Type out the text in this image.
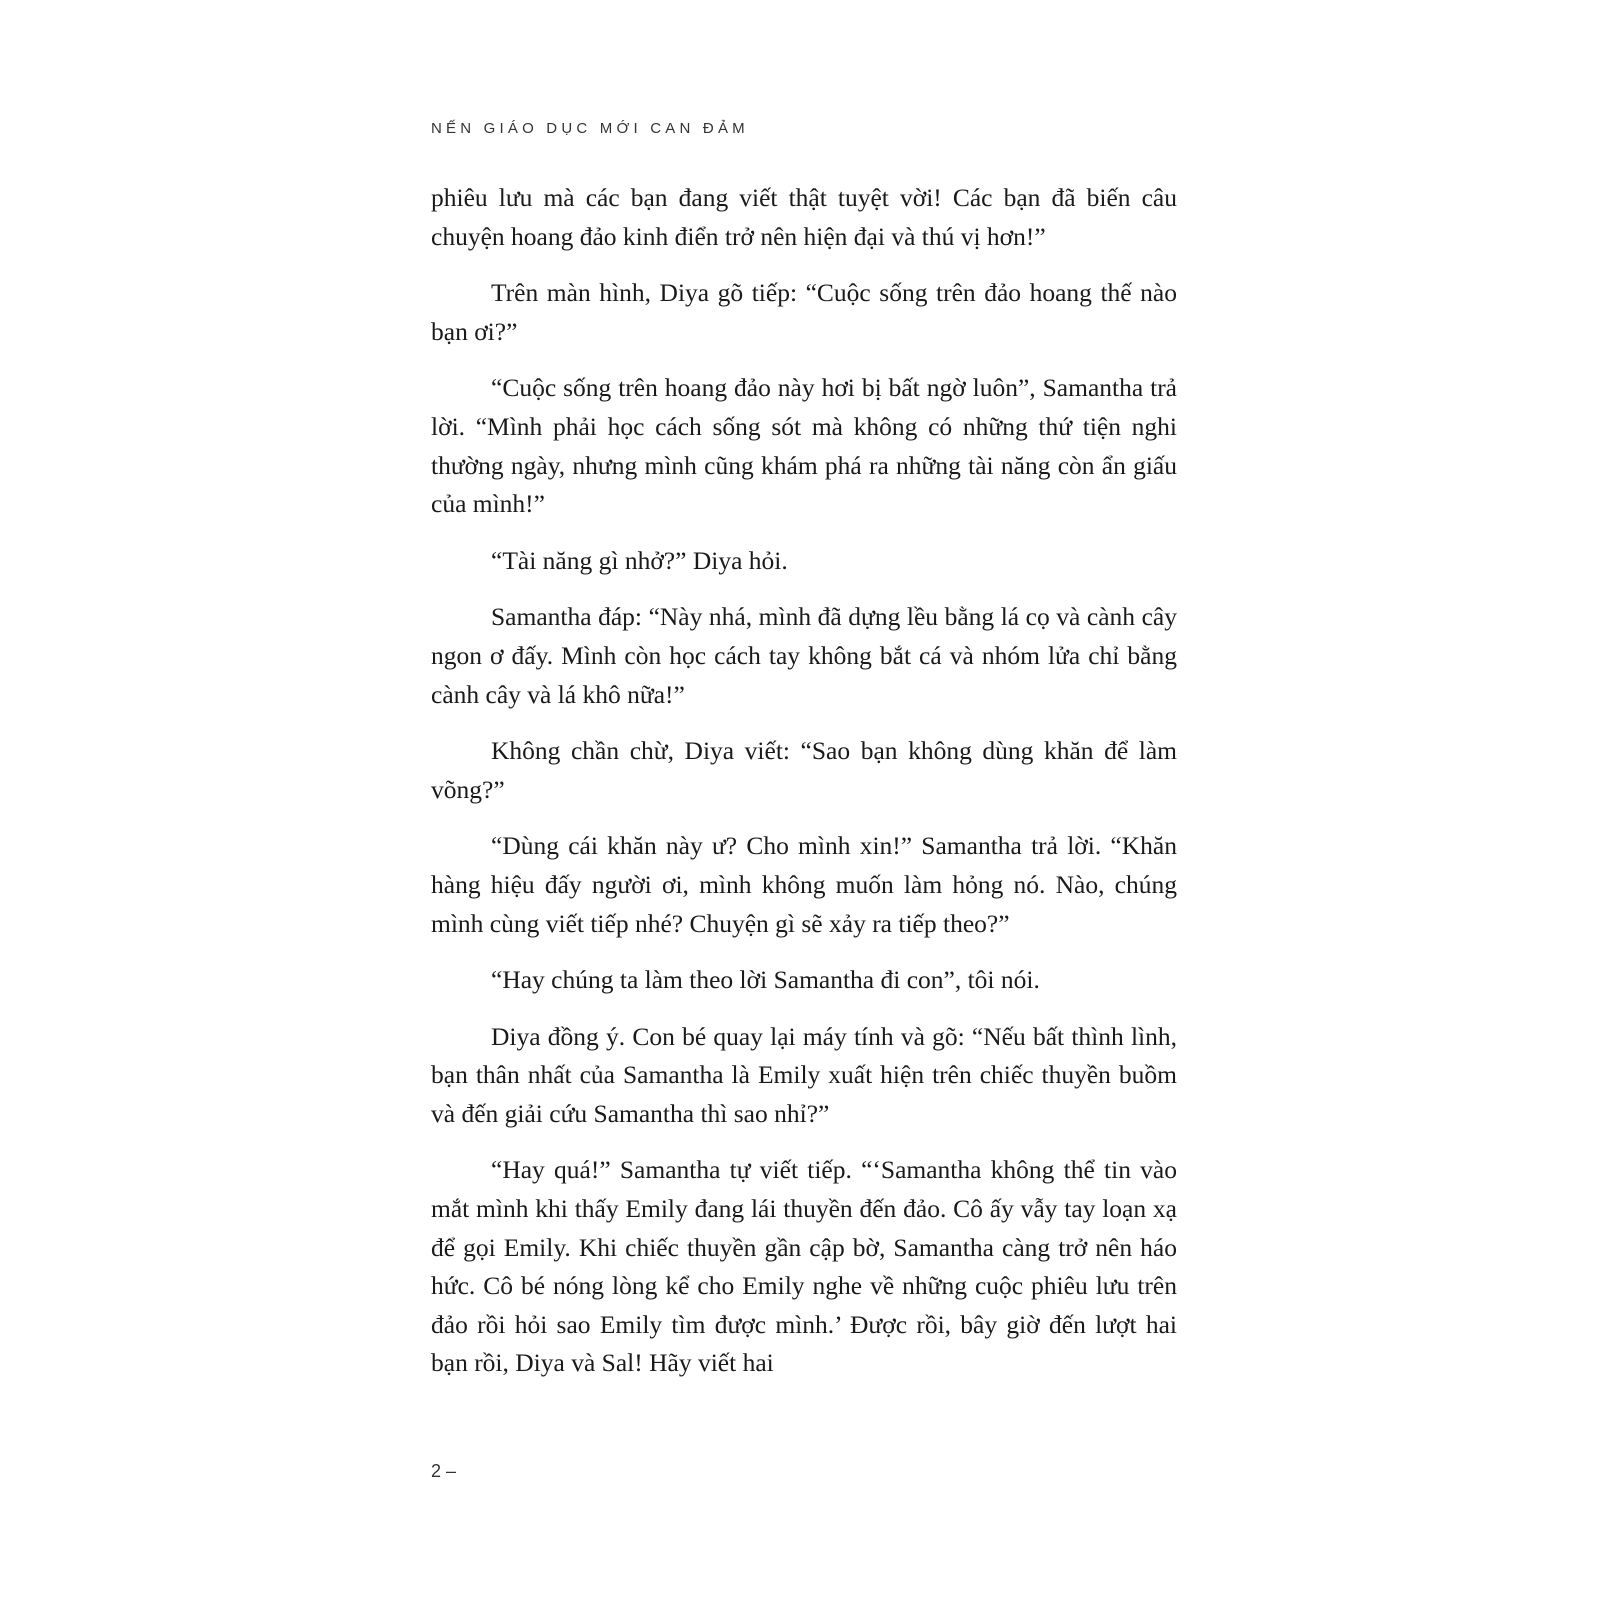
NẾN GIÁO DỤC MỚI CAN ĐẢM

phiêu lưu mà các bạn đang viết thật tuyệt vời! Các bạn đã biến câu chuyện hoang đảo kinh điển trở nên hiện đại và thú vị hơn!”

Trên màn hình, Diya gõ tiếp: “Cuộc sống trên đảo hoang thế nào bạn ơi?”

“Cuộc sống trên hoang đảo này hơi bị bất ngờ luôn”, Samantha trả lời. “Mình phải học cách sống sót mà không có những thứ tiện nghi thường ngày, nhưng mình cũng khám phá ra những tài năng còn ẩn giấu của mình!”

“Tài năng gì nhở?” Diya hỏi.

Samantha đáp: “Này nhá, mình đã dựng lều bằng lá cọ và cành cây ngon ơ đấy. Mình còn học cách tay không bắt cá và nhóm lửa chỉ bằng cành cây và lá khô nữa!”

Không chần chừ, Diya viết: “Sao bạn không dùng khăn để làm võng?”

“Dùng cái khăn này ư? Cho mình xin!” Samantha trả lời. “Khăn hàng hiệu đấy người ơi, mình không muốn làm hỏng nó. Nào, chúng mình cùng viết tiếp nhé? Chuyện gì sẽ xảy ra tiếp theo?”

“Hay chúng ta làm theo lời Samantha đi con”, tôi nói.

Diya đồng ý. Con bé quay lại máy tính và gõ: “Nếu bất thình lình, bạn thân nhất của Samantha là Emily xuất hiện trên chiếc thuyền buồm và đến giải cứu Samantha thì sao nhỉ?”

“Hay quá!” Samantha tự viết tiếp. “‘Samantha không thể tin vào mắt mình khi thấy Emily đang lái thuyền đến đảo. Cô ấy vẫy tay loạn xạ để gọi Emily. Khi chiếc thuyền gần cập bờ, Samantha càng trở nên háo hức. Cô bé nóng lòng kể cho Emily nghe về những cuộc phiêu lưu trên đảo rồi hỏi sao Emily tìm được mình.’ Được rồi, bây giờ đến lượt hai bạn rồi, Diya và Sal! Hãy viết hai

2 –
